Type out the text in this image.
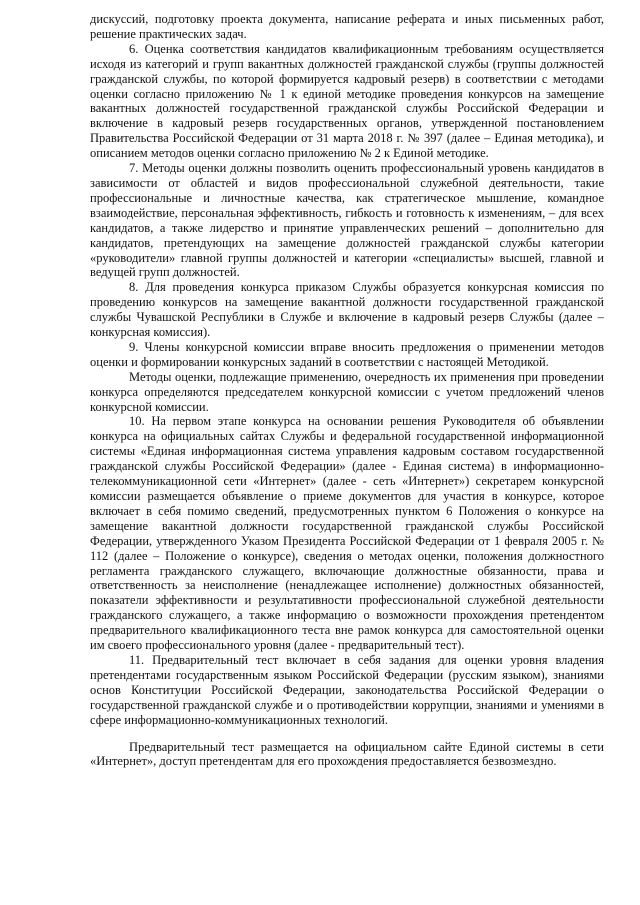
дискуссий, подготовку проекта документа, написание реферата и иных письменных работ, решение практических задач.

6. Оценка соответствия кандидатов квалификационным требованиям осуществляется исходя из категорий и групп вакантных должностей гражданской службы (группы должностей гражданской службы, по которой формируется кадровый резерв) в соответствии с методами оценки согласно приложению № 1 к единой методике проведения конкурсов на замещение вакантных должностей государственной гражданской службы Российской Федерации и включение в кадровый резерв государственных органов, утвержденной постановлением Правительства Российской Федерации от 31 марта 2018 г. № 397 (далее – Единая методика), и описанием методов оценки согласно приложению № 2 к Единой методике.

7. Методы оценки должны позволить оценить профессиональный уровень кандидатов в зависимости от областей и видов профессиональной служебной деятельности, такие профессиональные и личностные качества, как стратегическое мышление, командное взаимодействие, персональная эффективность, гибкость и готовность к изменениям, – для всех кандидатов, а также лидерство и принятие управленческих решений – дополнительно для кандидатов, претендующих на замещение должностей гражданской службы категории «руководители» главной группы должностей и категории «специалисты» высшей, главной и ведущей групп должностей.

8. Для проведения конкурса приказом Службы образуется конкурсная комиссия по проведению конкурсов на замещение вакантной должности государственной гражданской службы Чувашской Республики в Службе и включение в кадровый резерв Службы (далее – конкурсная комиссия).

9. Члены конкурсной комиссии вправе вносить предложения о применении методов оценки и формировании конкурсных заданий в соответствии с настоящей Методикой.

Методы оценки, подлежащие применению, очередность их применения при проведении конкурса определяются председателем конкурсной комиссии с учетом предложений членов конкурсной комиссии.

10. На первом этапе конкурса на основании решения Руководителя об объявлении конкурса на официальных сайтах Службы и федеральной государственной информационной системы «Единая информационная система управления кадровым составом государственной гражданской службы Российской Федерации» (далее - Единая система) в информационно-телекоммуникационной сети «Интернет» (далее - сеть «Интернет») секретарем конкурсной комиссии размещается объявление о приеме документов для участия в конкурсе, которое включает в себя помимо сведений, предусмотренных пунктом 6 Положения о конкурсе на замещение вакантной должности государственной гражданской службы Российской Федерации, утвержденного Указом Президента Российской Федерации от 1 февраля 2005 г. № 112 (далее – Положение о конкурсе), сведения о методах оценки, положения должностного регламента гражданского служащего, включающие должностные обязанности, права и ответственность за неисполнение (ненадлежащее исполнение) должностных обязанностей, показатели эффективности и результативности профессиональной служебной деятельности гражданского служащего, а также информацию о возможности прохождения претендентом предварительного квалификационного теста вне рамок конкурса для самостоятельной оценки им своего профессионального уровня (далее - предварительный тест).

11. Предварительный тест включает в себя задания для оценки уровня владения претендентами государственным языком Российской Федерации (русским языком), знаниями основ Конституции Российской Федерации, законодательства Российской Федерации о государственной гражданской службе и о противодействии коррупции, знаниями и умениями в сфере информационно-коммуникационных технологий.

Предварительный тест размещается на официальном сайте Единой системы в сети «Интернет», доступ претендентам для его прохождения предоставляется безвозмездно.
